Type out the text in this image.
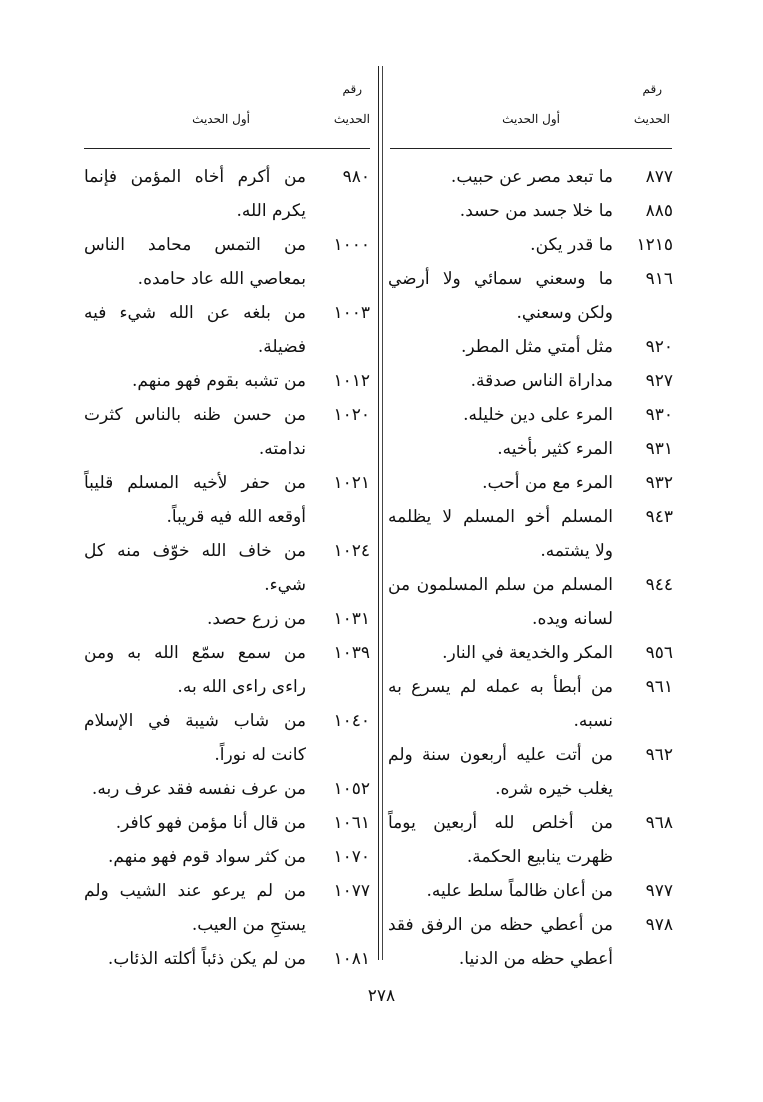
رقم
الحديث
أول الحديث
رقم
الحديث
أول الحديث
٨٧٧
ما تبعد مصر عن حبيب.
٨٨٥
ما خلا جسد من حسد.
١٢١٥
ما قدر يكن.
٩١٦
ما وسعني سمائي ولا أرضي ولكن وسعني.
٩٢٠
مثل أمتي مثل المطر.
٩٢٧
مداراة الناس صدقة.
٩٣٠
المرء على دين خليله.
٩٣١
المرء كثير بأخيه.
٩٣٢
المرء مع من أحب.
٩٤٣
المسلم أخو المسلم لا يظلمه ولا يشتمه.
٩٤٤
المسلم من سلم المسلمون من لسانه ويده.
٩٥٦
المكر والخديعة في النار.
٩٦١
من أبطأ به عمله لم يسرع به نسبه.
٩٦٢
من أتت عليه أربعون سنة ولم يغلب خيره شره.
٩٦٨
من أخلص لله أربعين يوماً ظهرت ينابيع الحكمة.
٩٧٧
من أعان ظالماً سلط عليه.
٩٧٨
من أعطي حظه من الرفق فقد أعطي حظه من الدنيا.
٩٨٠
من أكرم أخاه المؤمن فإنما يكرم الله.
١٠٠٠
من التمس محامد الناس بمعاصي الله عاد حامده.
١٠٠٣
من بلغه عن الله شيء فيه فضيلة.
١٠١٢
من تشبه بقوم فهو منهم.
١٠٢٠
من حسن ظنه بالناس كثرت ندامته.
١٠٢١
من حفر لأخيه المسلم قليباً أوقعه الله فيه قريباً.
١٠٢٤
من خاف الله خوّف منه كل شيء.
١٠٣١
من زرع حصد.
١٠٣٩
من سمع سمّع الله به ومن راءى راءى الله به.
١٠٤٠
من شاب شيبة في الإسلام كانت له نوراً.
١٠٥٢
من عرف نفسه فقد عرف ربه.
١٠٦١
من قال أنا مؤمن فهو كافر.
١٠٧٠
من كثر سواد قوم فهو منهم.
١٠٧٧
من لم يرعو عند الشيب ولم يستحِ من العيب.
١٠٨١
من لم يكن ذئباً أكلته الذئاب.
٢٧٨
